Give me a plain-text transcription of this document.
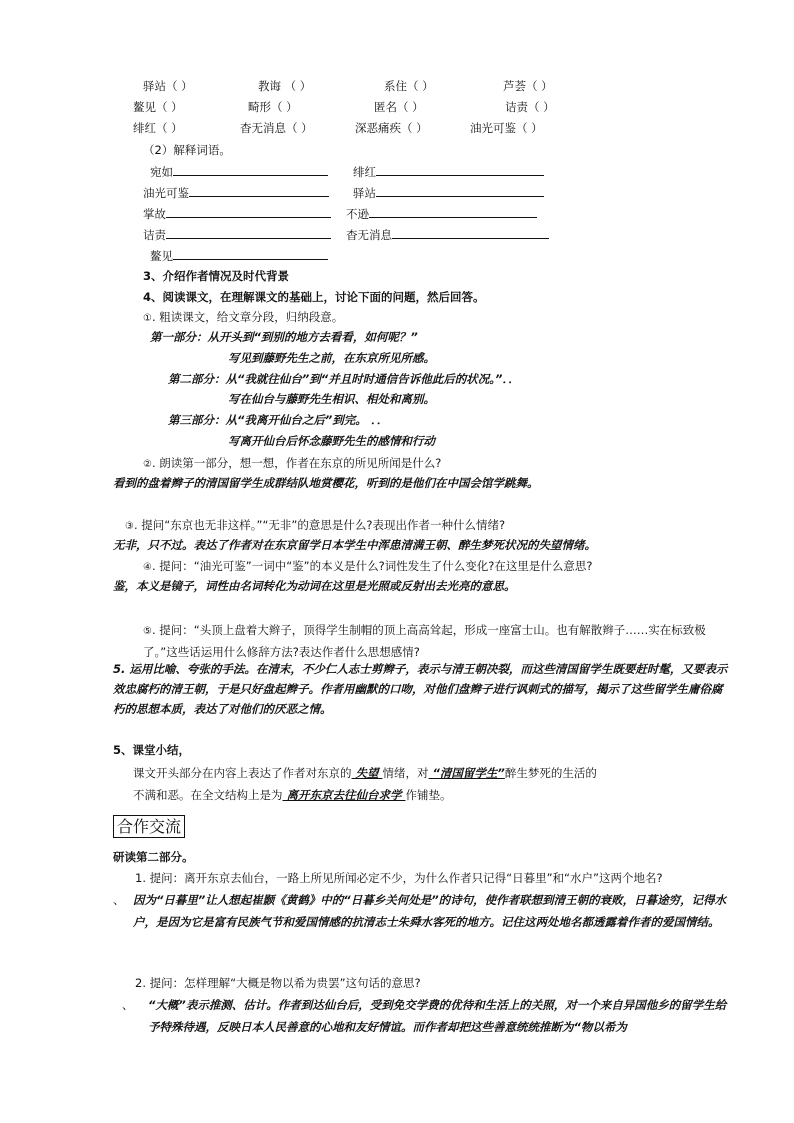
驿站（ ）	教诲 （ ）	系住（ ）	芦荟（ ）
鳌见（ ）	畸形（ ）	匿名（ ）	诘责（ ）
绯红（ ）	杳无消息（ ）	深恶痛疾（ ）	油光可鉴（ ）
（2）解释词语。
宛如	绯红
油光可鉴	驿站
掌故	不逊
诘责	杳无消息
鳌见
3、介绍作者情况及时代背景
4、阅读课文，在理解课文的基础上，讨论下面的问题，然后回答。
①. 粗读课文，给文章分段，归纳段意。
第一部分：从开头到“到别的地方去看看，如何呢？”
写见到藤野先生之前，在东京所见所感。
第二部分：从“我就往仙台”到“并且时时通信告诉他此后的状况。”．．
写在仙台与藤野先生相识、相处和离别。
第三部分：从“我离开仙台之后”到完。 ．．
写离开仙台后怀念藤野先生的感情和行动
②. 朗读第一部分，想一想，作者在东京的所见所闻是什么?
看到的盘着辫子的清国留学生成群结队地赏樱花，听到的是他们在中国会馆学跳舞。
③. 提问“东京也无非这样。”“无非”的意思是什么?表现出作者一种什么情绪?
无非，只不过。表达了作者对在东京留学日本学生中浑患清满王朝、醉生梦死状况的失望情绪。
④. 提问：“油光可鉴”一词中“鉴”的本义是什么?词性发生了什么变化?在这里是什么意思?
鉴，本义是镜子，词性由名词转化为动词在这里是光照或反射出去光亮的意思。
⑤. 提问：“头顶上盘着大辫子，顶得学生制帽的顶上高高耸起，形成一座富士山。也有解散辫子……实在标致极了。”这些话运用什么修辞方法?表达作者什么思想感情?
5. 运用比喻、夸张的手法。在清末，不少仁人志士剪辫子，表示与清王朝决裂，而这些清国留学生既要赶时髦，又要表示效忠腐朽的清王朝，于是只好盘起辫子。作者用幽默的口吻，对他们盘辫子进行讽刺式的描写，揭示了这些留学生庸俗腐朽的思想本质，表达了对他们的厌恶之情。
5、课堂小结，
课文开头部分在内容上表达了作者对东京的 失望 情绪，对 “清国留学生”醉生梦死的生活的
不满和恶。在全文结构上是为 离开东京去往仙台求学 作铺垫。
合作交流
研读第二部分。
1. 提问：离开东京去仙台，一路上所见所闻必定不少，为什么作者只记得“日暮里”和“水户”这两个地名?
、 因为“日暮里”让人想起崔颢《黄鹤》中的“日暮乡关何处是”的诗句，使作者联想到清王朝的衰败，日暮途穷，记得水户，是因为它是富有民族气节和爱国情感的抗清志士朱舜水客死的地方。记住这两处地名都透露着作者的爱国情结。
2. 提问：怎样理解“大概是物以希为贵罢”这句话的意思?
、 “大概”表示推测、估计。作者到达仙台后，受到免交学费的优待和生活上的关照，对一个来自异国他乡的留学生给予特殊待遇，反映日本人民善意的心地和友好情谊。而作者却把这些善意统统推断为“物以希为
